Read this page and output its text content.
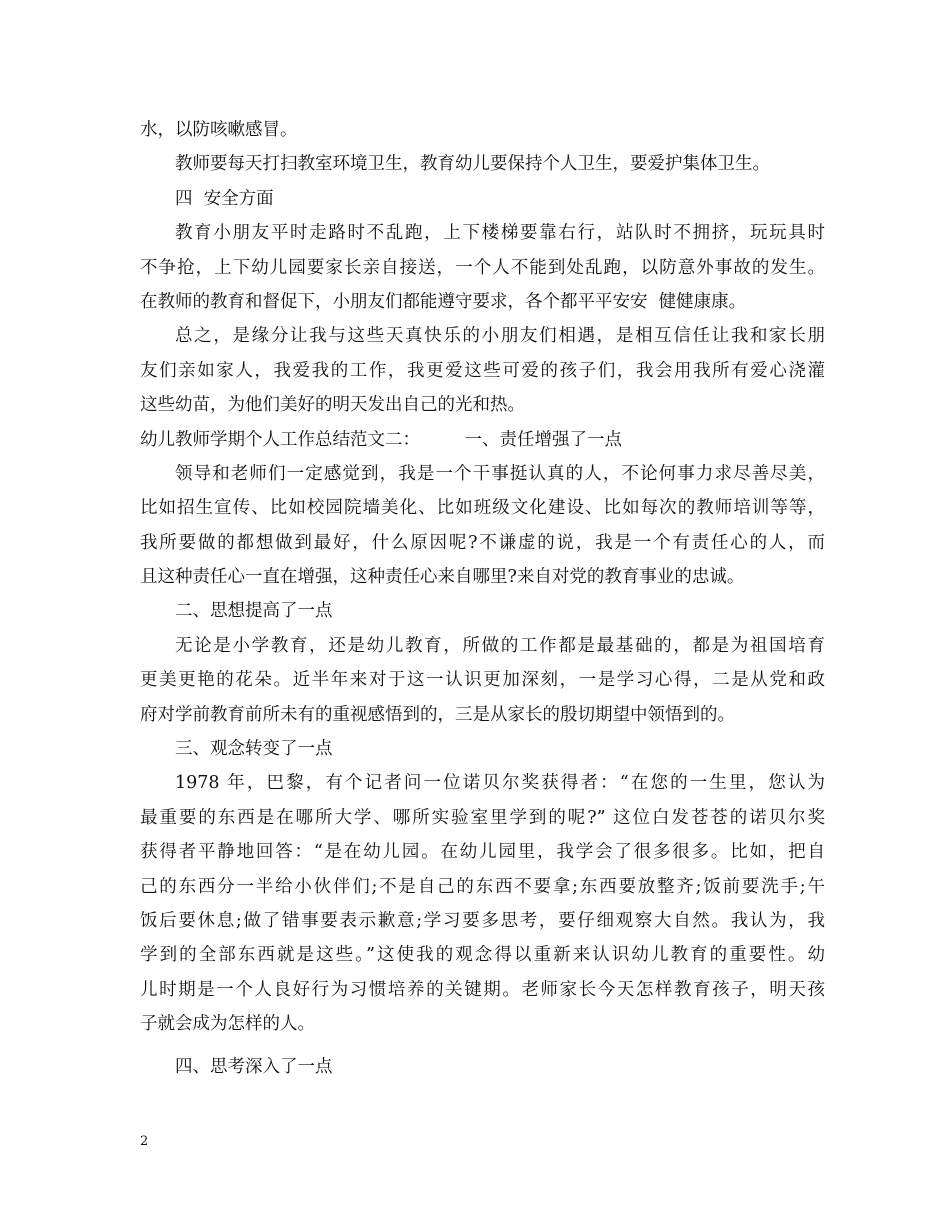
水，以防咳嗽感冒。
教师要每天打扫教室环境卫生，教育幼儿要保持个人卫生，要爱护集体卫生。
四  安全方面
教育小朋友平时走路时不乱跑，上下楼梯要靠右行，站队时不拥挤，玩玩具时
不争抢，上下幼儿园要家长亲自接送，一个人不能到处乱跑，以防意外事故的发生。
在教师的教育和督促下，小朋友们都能遵守要求，各个都平平安安  健健康康。
总之，是缘分让我与这些天真快乐的小朋友们相遇，是相互信任让我和家长朋
友们亲如家人，我爱我的工作，我更爱这些可爱的孩子们，我会用我所有爱心浇灌
这些幼苗，为他们美好的明天发出自己的光和热。
幼儿教师学期个人工作总结范文二：        一、责任增强了一点
领导和老师们一定感觉到，我是一个干事挺认真的人，不论何事力求尽善尽美，
比如招生宣传、比如校园院墙美化、比如班级文化建设、比如每次的教师培训等等，
我所要做的都想做到最好，什么原因呢?不谦虚的说，我是一个有责任心的人，而
且这种责任心一直在增强，这种责任心来自哪里?来自对党的教育事业的忠诚。
二、思想提高了一点
无论是小学教育，还是幼儿教育，所做的工作都是最基础的，都是为祖国培育
更美更艳的花朵。近半年来对于这一认识更加深刻，一是学习心得，二是从党和政
府对学前教育前所未有的重视感悟到的，三是从家长的殷切期望中领悟到的。
三、观念转变了一点
1978 年，巴黎，有个记者问一位诺贝尔奖获得者：“在您的一生里，您认为
最重要的东西是在哪所大学、哪所实验室里学到的呢?” 这位白发苍苍的诺贝尔奖
获得者平静地回答：“是在幼儿园。在幼儿园里，我学会了很多很多。比如，把自
己的东西分一半给小伙伴们;不是自己的东西不要拿;东西要放整齐;饭前要洗手;午
饭后要休息;做了错事要表示歉意;学习要多思考，要仔细观察大自然。我认为，我
学到的全部东西就是这些。”这使我的观念得以重新来认识幼儿教育的重要性。幼
儿时期是一个人良好行为习惯培养的关键期。老师家长今天怎样教育孩子，明天孩
子就会成为怎样的人。
四、思考深入了一点
2
